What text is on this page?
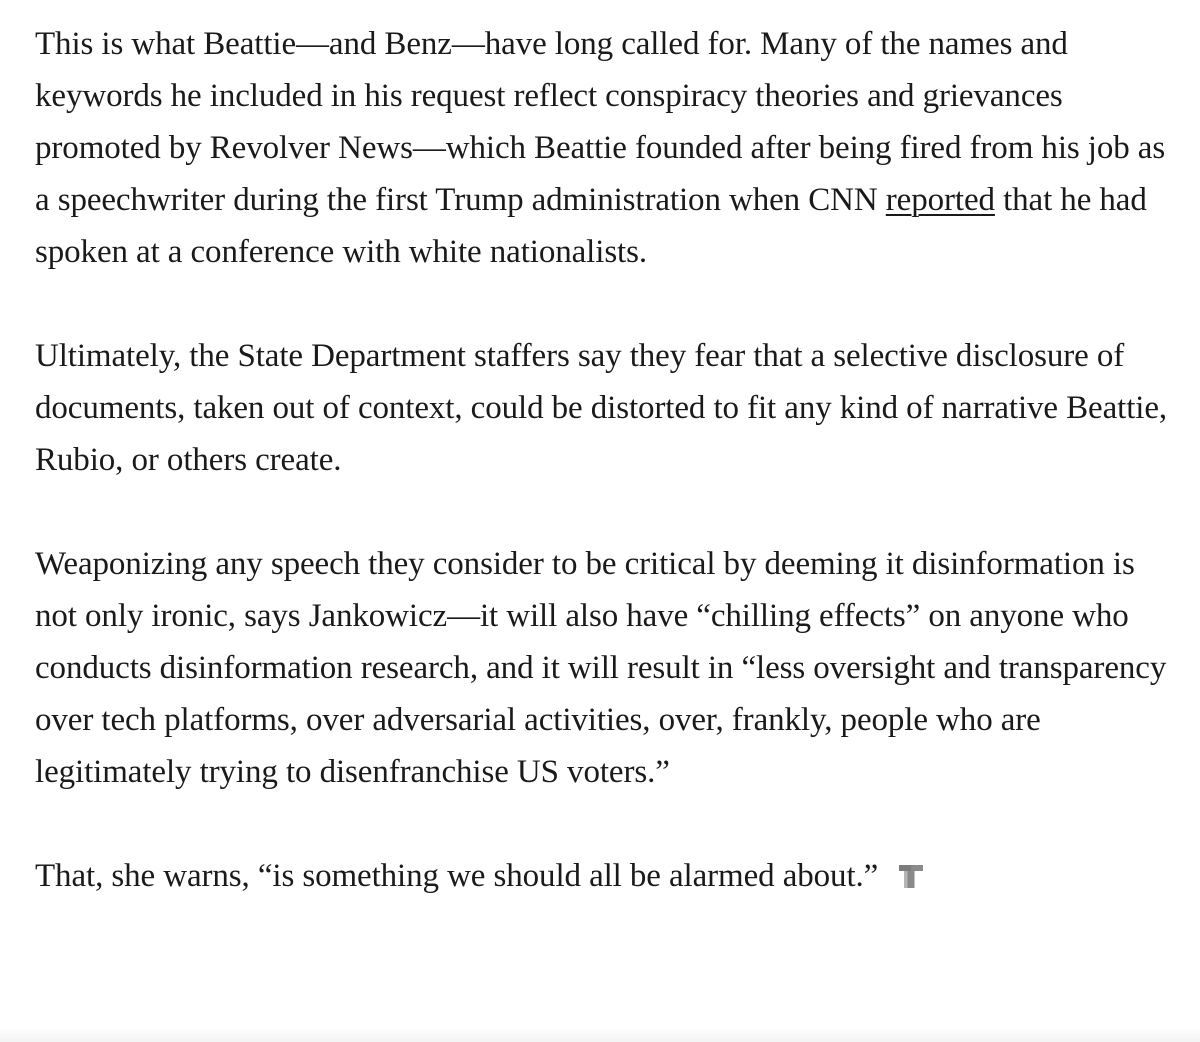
This is what Beattie—and Benz—have long called for. Many of the names and keywords he included in his request reflect conspiracy theories and grievances promoted by Revolver News—which Beattie founded after being fired from his job as a speechwriter during the first Trump administration when CNN reported that he had spoken at a conference with white nationalists.

Ultimately, the State Department staffers say they fear that a selective disclosure of documents, taken out of context, could be distorted to fit any kind of narrative Beattie, Rubio, or others create.

Weaponizing any speech they consider to be critical by deeming it disinformation is not only ironic, says Jankowicz—it will also have “chilling effects” on anyone who conducts disinformation research, and it will result in “less oversight and transparency over tech platforms, over adversarial activities, over, frankly, people who are legitimately trying to disenfranchise US voters.”

That, she warns, “is something we should all be alarmed about.”
